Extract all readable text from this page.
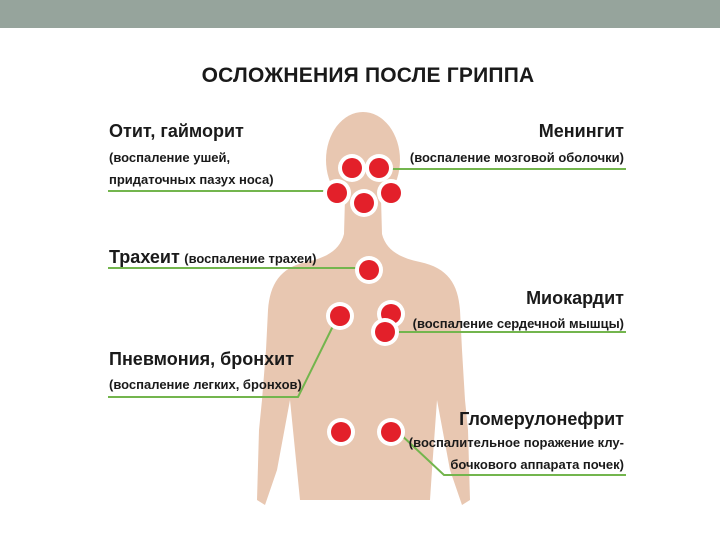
ОСЛОЖНЕНИЯ ПОСЛЕ ГРИППА
Отит, гайморит
(воспаление ушей,
придаточных пазух носа)
Трахеит (воспаление трахеи)
Пневмония, бронхит
(воспаление легких, бронхов)
Менингит
(воспаление мозговой оболочки)
Миокардит
(воспаление сердечной мышцы)
Гломерулонефрит
(воспалительное поражение клу-
бочкового аппарата почек)
